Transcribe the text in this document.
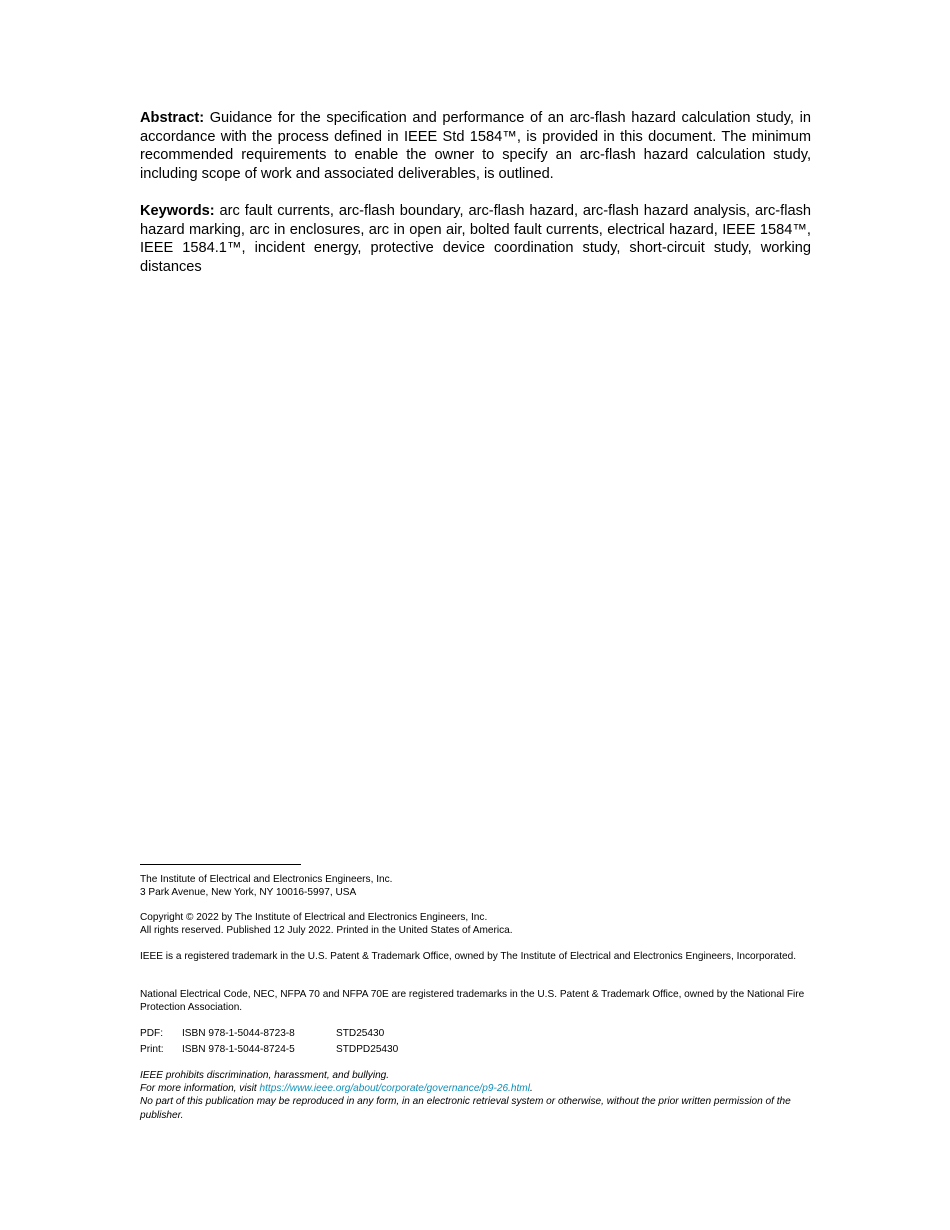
Abstract: Guidance for the specification and performance of an arc-flash hazard calculation study, in accordance with the process defined in IEEE Std 1584™, is provided in this document. The minimum recommended requirements to enable the owner to specify an arc-flash hazard calculation study, including scope of work and associated deliverables, is outlined.

Keywords: arc fault currents, arc-flash boundary, arc-flash hazard, arc-flash hazard analysis, arc-flash hazard marking, arc in enclosures, arc in open air, bolted fault currents, electrical hazard, IEEE 1584™, IEEE 1584.1™, incident energy, protective device coordination study, short-circuit study, working distances

The Institute of Electrical and Electronics Engineers, Inc.
3 Park Avenue, New York, NY 10016-5997, USA

Copyright © 2022 by The Institute of Electrical and Electronics Engineers, Inc.
All rights reserved. Published 12 July 2022. Printed in the United States of America.

IEEE is a registered trademark in the U.S. Patent & Trademark Office, owned by The Institute of Electrical and Electronics Engineers, Incorporated.

National Electrical Code, NEC, NFPA 70 and NFPA 70E are registered trademarks in the U.S. Patent & Trademark Office, owned by the National Fire Protection Association.

PDF: ISBN 978-1-5044-8723-8	STD25430
Print: ISBN 978-1-5044-8724-5	STDPD25430

IEEE prohibits discrimination, harassment, and bullying.
For more information, visit https://www.ieee.org/about/corporate/governance/p9-26.html.
No part of this publication may be reproduced in any form, in an electronic retrieval system or otherwise, without the prior written permission of the publisher.
